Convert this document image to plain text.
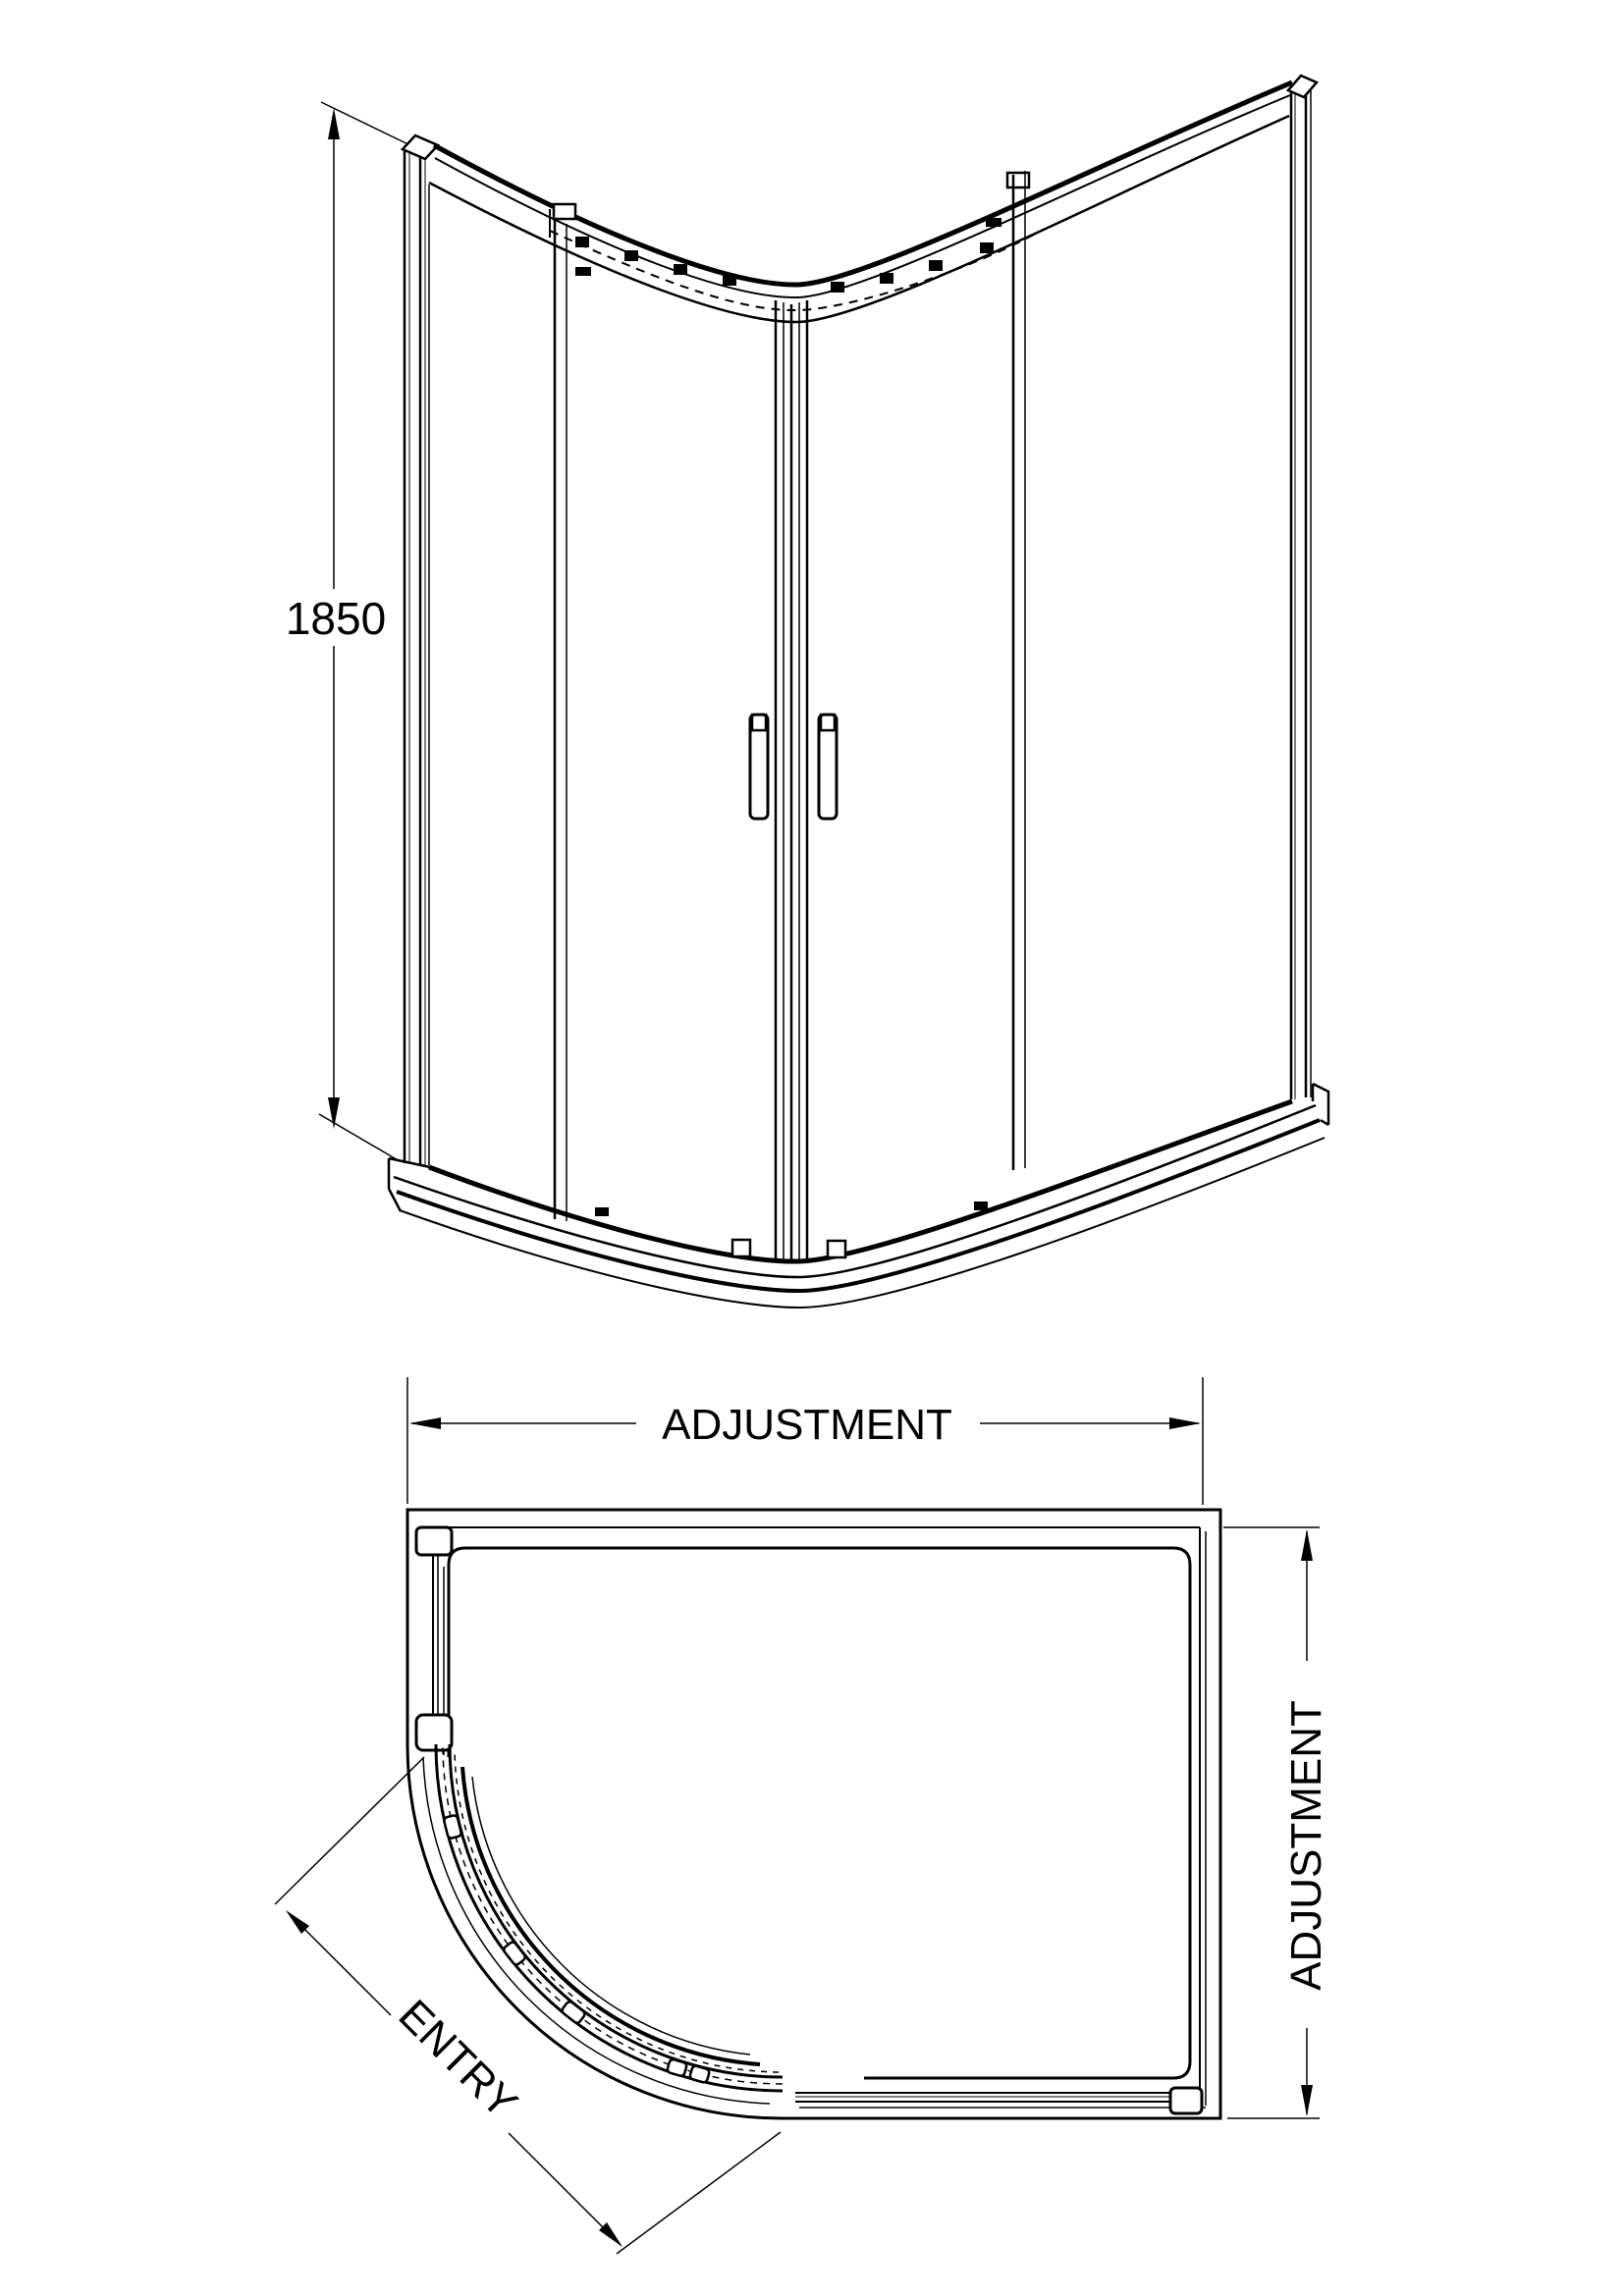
1850
ADJUSTMENT
ADJUSTMENT
ENTRY
